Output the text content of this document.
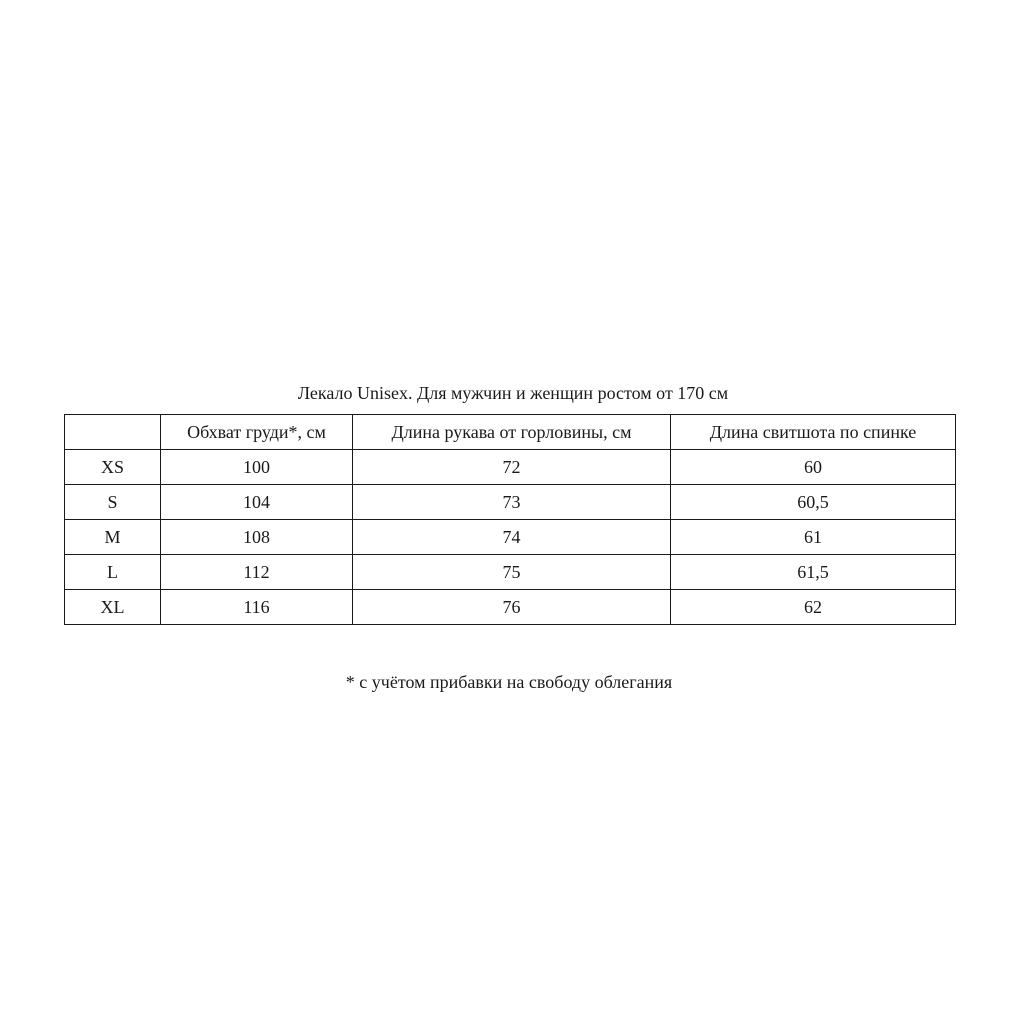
Лекало Unisex. Для мужчин и женщин ростом от 170 см
	Обхват груди*, см	Длина рукава от горловины, см	Длина свитшота по спинке
XS	100	72	60
S	104	73	60,5
M	108	74	61
L	112	75	61,5
XL	116	76	62
* с учётом прибавки на свободу облегания
